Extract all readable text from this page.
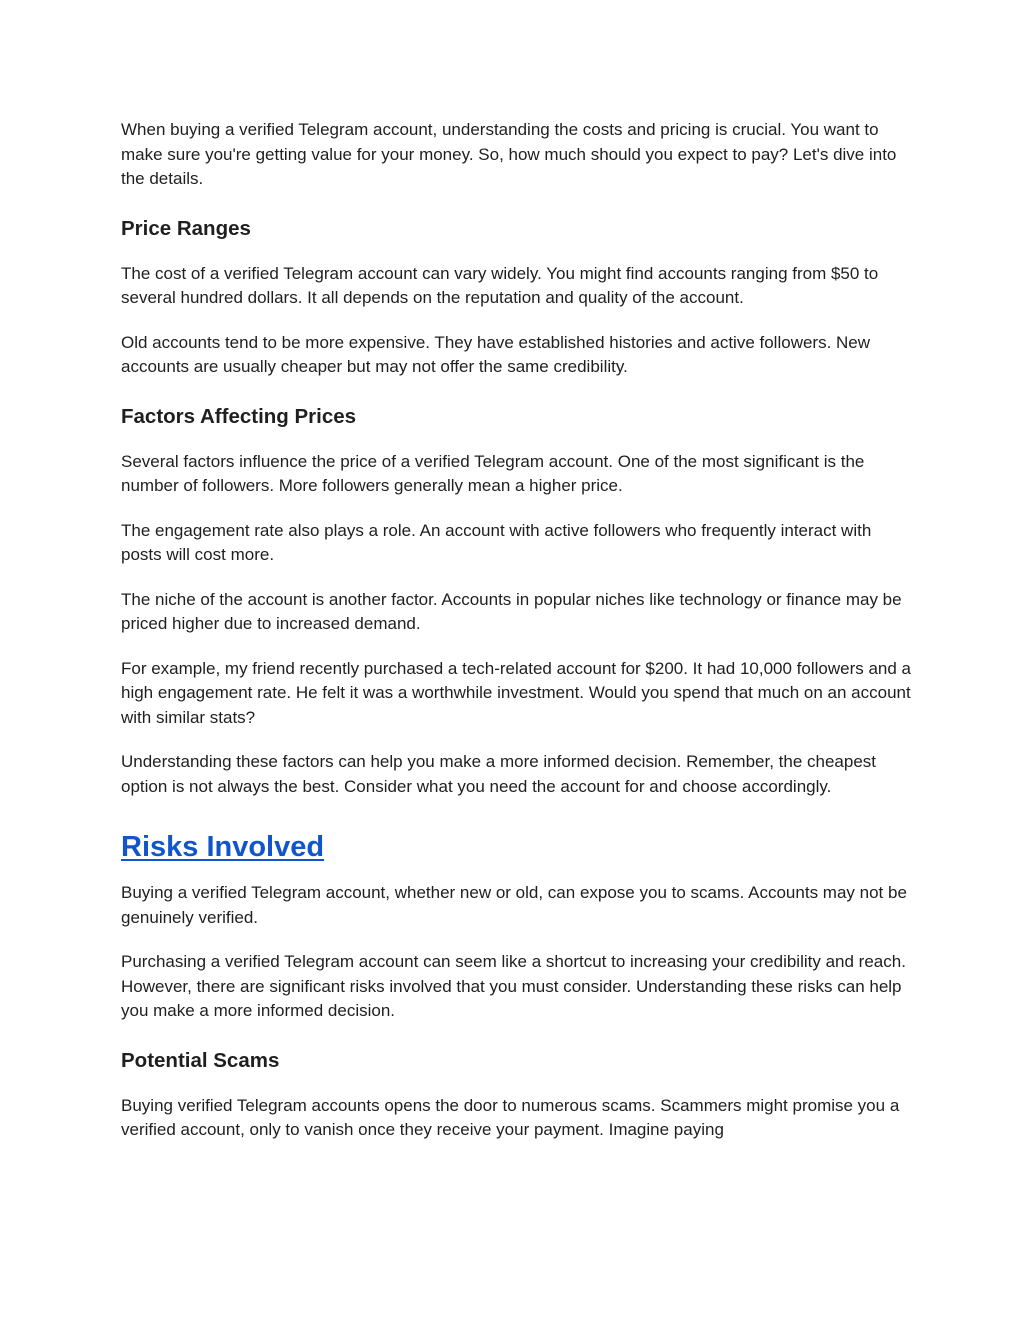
When buying a verified Telegram account, understanding the costs and pricing is crucial. You want to make sure you're getting value for your money. So, how much should you expect to pay? Let's dive into the details.

Price Ranges

The cost of a verified Telegram account can vary widely. You might find accounts ranging from $50 to several hundred dollars. It all depends on the reputation and quality of the account.

Old accounts tend to be more expensive. They have established histories and active followers. New accounts are usually cheaper but may not offer the same credibility.

Factors Affecting Prices

Several factors influence the price of a verified Telegram account. One of the most significant is the number of followers. More followers generally mean a higher price.

The engagement rate also plays a role. An account with active followers who frequently interact with posts will cost more.

The niche of the account is another factor. Accounts in popular niches like technology or finance may be priced higher due to increased demand.

For example, my friend recently purchased a tech-related account for $200. It had 10,000 followers and a high engagement rate. He felt it was a worthwhile investment. Would you spend that much on an account with similar stats?

Understanding these factors can help you make a more informed decision. Remember, the cheapest option is not always the best. Consider what you need the account for and choose accordingly.

Risks Involved

Buying a verified Telegram account, whether new or old, can expose you to scams. Accounts may not be genuinely verified.

Purchasing a verified Telegram account can seem like a shortcut to increasing your credibility and reach. However, there are significant risks involved that you must consider. Understanding these risks can help you make a more informed decision.

Potential Scams

Buying verified Telegram accounts opens the door to numerous scams. Scammers might promise you a verified account, only to vanish once they receive your payment. Imagine paying
